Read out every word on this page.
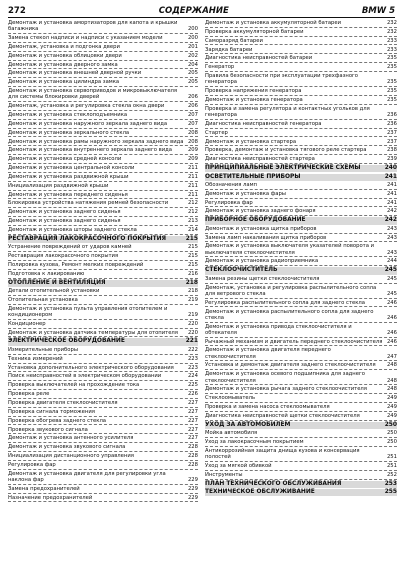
272	СОДЕРЖАНИЕ	BMW 5
Демонтаж и установка амортизаторов для капота и крышки багажника	200
Замена стекол надписи и надписи с указанием модели	200
Демонтаж, установка и подгонка двери	201
Демонтаж и установка облицовки двери	202
Демонтаж и установка дверного замка	204
Демонтаж и установка внешней дверной ручки	205
Демонтаж и установка цилиндра замка	205
Демонтаж и установка сервоприводов и микровыключателя для системы блокировки дверей	206
Демонтаж, установка и регулировка стекла окна двери	206
Демонтаж и установка стеклоподъемника	207
Демонтаж и установка наружного зеркала заднего вида	207
Демонтаж и установка зеркального стекла	208
Демонтаж и установка рамы наружного зеркала заднего вида 208
Демонтаж и установка внутреннего зеркала заднего вида	209
Демонтаж и установка средней консоли	209
Демонтаж и установка центральной консоли	211
Демонтаж и установка раздвижной крыши	211
Инициализация раздвижной крыши	211
Демонтаж и установка переднего сиденья	211
Блокировка устройства натяжения ремней безопасности	212
Демонтаж и установка заднего сиденья	212
Демонтаж и установка заднего сиденья	213
Демонтаж и установка шторы заднего стекла	214
РЕСТАВРАЦИЯ ЛАКОКРАСОЧНОГО ПОКРЫТИЯ	215
Устранение повреждений от ударов камней	215
Реставрация лакокрасочного покрытия	215
Полировка кузова, Ремонт мелких повреждений	215
Подготовка к лакированию	216
ОТОПЛЕНИЕ И ВЕНТИЛЯЦИЯ	218
Детали отопительной установки	218
Отопительная установка	219
Демонтаж и установка пульта управления отопителем и кондиционером	219
Кондиционер	220
Демонтаж и установка датчика температуры для отопителя	220
ЭЛЕКТРИЧЕСКОЕ ОБОРУДОВАНИЕ	221
Измерительные приборы	222
Техника измерений	223
Установка дополнительного электрического оборудования	223
Поиск неисправностей в электрическом оборудовании	224
Проверка выключателей на прохождение тока	225
Проверка реле	226
Проверка двигателя стеклоочистителя	227
Проверка сигнала торможения	227
Проверка обогрева заднего стекла	227
Проверка звукового сигнала	227
Демонтаж и установка антенного усилителя	227
Демонтаж и установка звукового сигнала	228
Инициализация дистанционного управления	228
Регулировка фар	228
Демонтаж и установка двигателя для регулировки угла наклона фар	229
Замена предохранителей	229
Назначение предохранителей	229
Демонтаж и установка аккумуляторной батареи	232
Проверка аккумуляторной батареи	232
Саморазряд батареи	233
Зарядка батареи	233
Диагностика неисправностей батареи	235
Генератор	235
Правила безопасности при эксплуатации трехфазного генератора	235
Проверка напряжения генератора	235
Демонтаж и установка генератора	235
Проверка и замена регулятора и контактных угольков для генератора	236
Диагностика неисправностей генератора	236
Стартер	237
Демонтаж и установка стартера	237
Проверка, демонтаж и установка тягового реле стартера	238
Диагностика неисправностей стартера	239
ПРИНЦИПИАЛЬНЫЕ ЭЛЕКТРИЧЕСКИЕ СХЕМЫ	240
ОСВЕТИТЕЛЬНЫЕ ПРИБОРЫ	241
Обозначения ламп	241
Демонтаж и установка фары	241
Регулировка фар	241
Демонтаж и установка заднего фонаря	242
ПРИБОРНОЕ ОБОРУДОВАНИЕ	242
Демонтаж и установка щитка приборов	243
Замена ламп накаливания щитка приборов	243
Демонтаж и установка выключателя указателей поворота и выключателя стеклоочистителя	243
Демонтаж и установка радиоприемника	244
СТЕКЛООЧИСТИТЕЛЬ	245
Замена резины щетки стеклоочистителя	245
Демонтаж, установка и регулировка распылительного сопла для ветрового стекла	245
Регулировка распылительного сопла для заднего стекла	246
Демонтаж и установка распылительного сопла для заднего стекла	246
Демонтаж и установка привода стеклоочистителя и обтекателя	246
Рычажный механизм и двигатель переднего стеклоочистителя 246
Демонтаж и установка двигателя переднего стеклоочистителя	247
Установка и демонтаж двигателя заднего стеклоочистителя	248
Демонтаж и установка осевого подшипника для заднего стеклоочистителя	248
Демонтаж и установка рычага заднего стеклоочистителя	248
Стеклоомыватель	249
Проверка и замена насоса стеклоомывателя	249
Диагностика неисправностей щетки стеклоочистителя	249
УХОД ЗА АВТОМОБИЛЕМ	250
Мойка автомобиля	250
Уход за лакокрасочным покрытием	250
Антикоррозийная защита днища кузова и консервация полостей	251
Уход за мягкой обивкой	251
Инструменты	252
ПЛАН ТЕХНИЧЕСКОГО ОБСЛУЖИВАНИЯ	253
ТЕХНИЧЕСКОЕ ОБСЛУЖИВАНИЕ	255
